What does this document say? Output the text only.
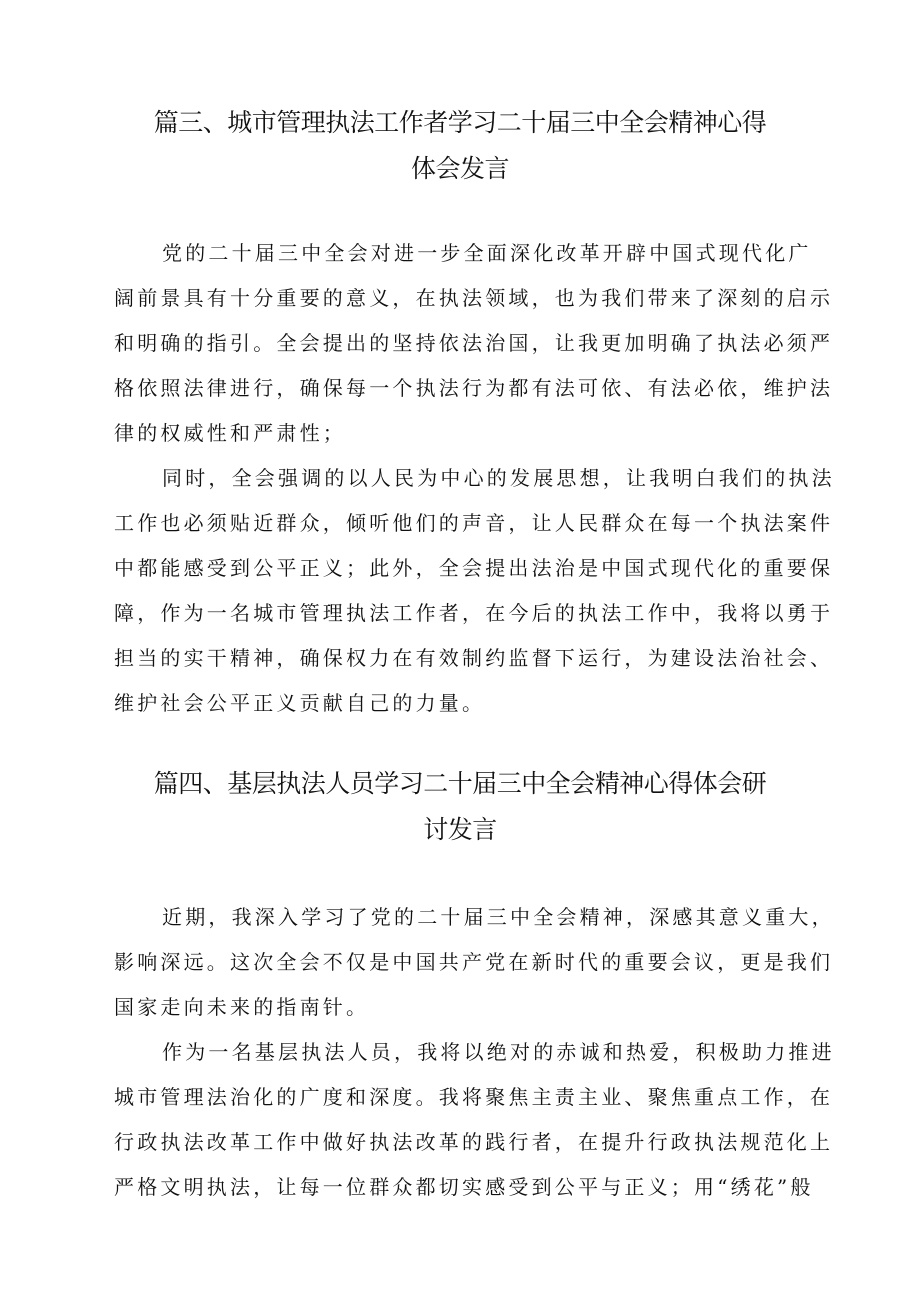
篇三、城市管理执法工作者学习二十届三中全会精神心得
体会发言
党的二十届三中全会对进一步全面深化改革开辟中国式现代化广
阔前景具有十分重要的意义，在执法领域，也为我们带来了深刻的启示
和明确的指引。全会提出的坚持依法治国，让我更加明确了执法必须严
格依照法律进行，确保每一个执法行为都有法可依、有法必依，维护法
律的权威性和严肃性；
同时，全会强调的以人民为中心的发展思想，让我明白我们的执法
工作也必须贴近群众，倾听他们的声音，让人民群众在每一个执法案件
中都能感受到公平正义；此外，全会提出法治是中国式现代化的重要保
障，作为一名城市管理执法工作者，在今后的执法工作中，我将以勇于
担当的实干精神，确保权力在有效制约监督下运行，为建设法治社会、
维护社会公平正义贡献自己的力量。
篇四、基层执法人员学习二十届三中全会精神心得体会研
讨发言
近期，我深入学习了党的二十届三中全会精神，深感其意义重大，
影响深远。这次全会不仅是中国共产党在新时代的重要会议，更是我们
国家走向未来的指南针。
作为一名基层执法人员，我将以绝对的赤诚和热爱，积极助力推进
城市管理法治化的广度和深度。我将聚焦主责主业、聚焦重点工作，在
行政执法改革工作中做好执法改革的践行者，在提升行政执法规范化上
严格文明执法，让每一位群众都切实感受到公平与正义；用“绣花”般
